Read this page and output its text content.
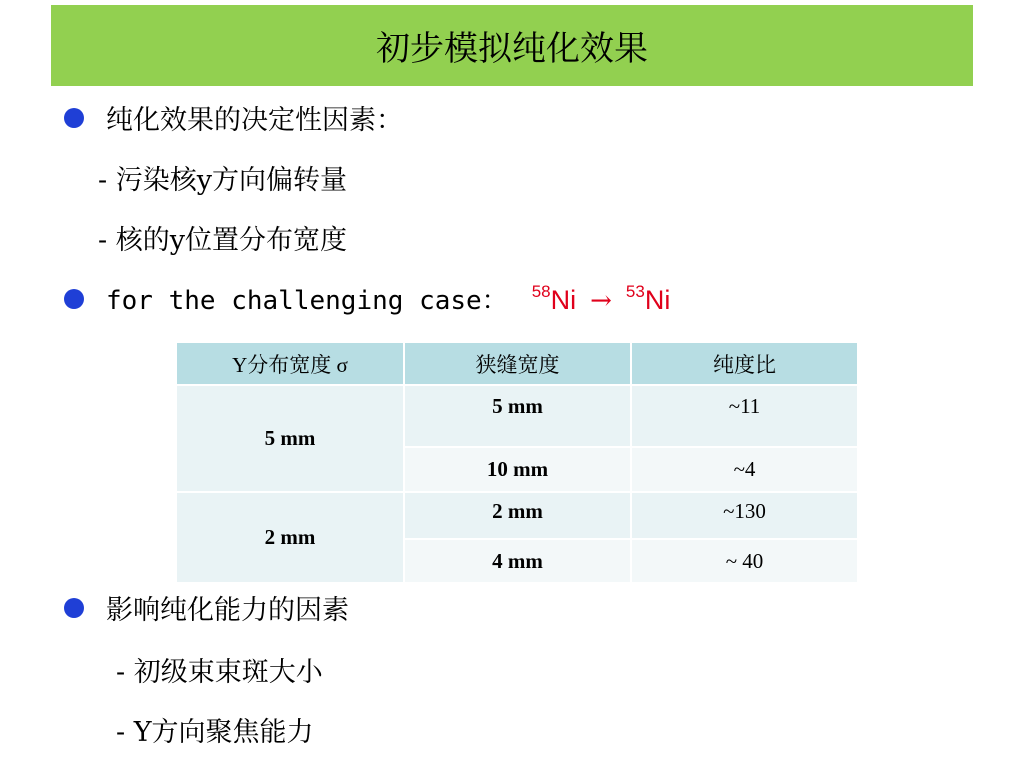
初步模拟纯化效果
纯化效果的决定性因素：
- 污染核y方向偏转量
- 核的y位置分布宽度
for the challenging case： $^{58}$Ni → $^{53}$Ni
Y分布宽度 σ	狭缝宽度	纯度比
5 mm	5 mm	~11
	10 mm	~4
2 mm	2 mm	~130
	4 mm	~ 40
影响纯化能力的因素
- 初级束束斑大小
- Y方向聚焦能力
